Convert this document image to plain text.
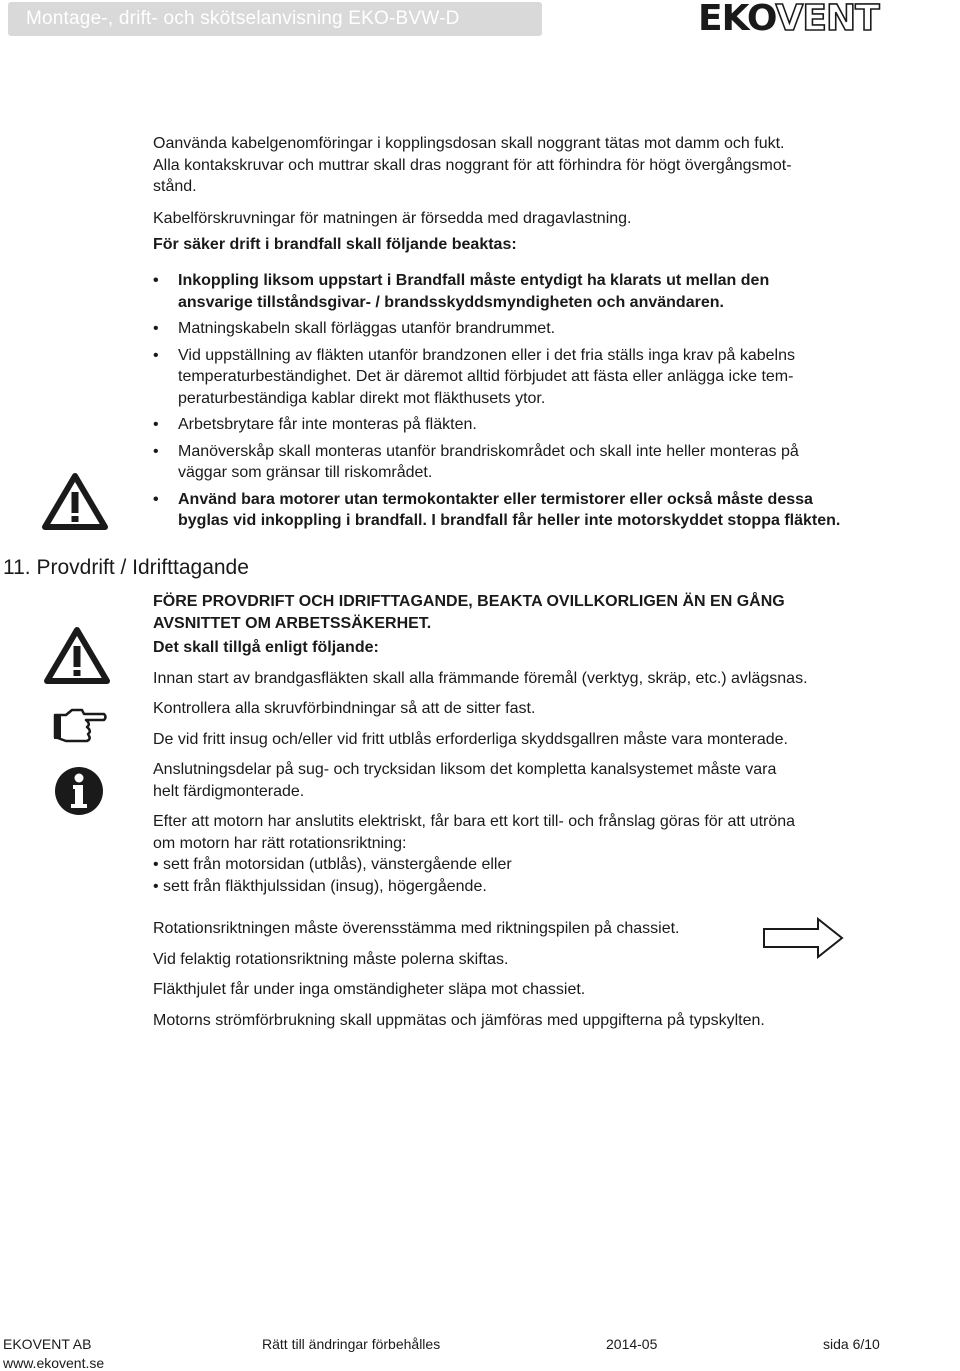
Montage-, drift- och skötselanvisning EKO-BVW-D	EKOVENT

Oanvända kabelgenomföringar i kopplingsdosan skall noggrant tätas mot damm och fukt.

Alla kontakskruvar och muttrar skall dras noggrant för att förhindra för högt övergångsmot-

stånd.

Kabelförskruvningar för matningen är försedda med dragavlastning.

För säker drift i brandfall skall följande beaktas:

• Inkoppling liksom uppstart i Brandfall måste entydigt ha klarats ut mellan den
ansvarige tillståndsgivar- / brandsskyddsmyndigheten och användaren.
• Matningskabeln skall förläggas utanför brandrummet.
• Vid uppställning av fläkten utanför brandzonen eller i det fria ställs inga krav på kabelns
temperaturbeständighet. Det är däremot alltid förbjudet att fästa eller anlägga icke tem-
peraturbeständiga kablar direkt mot fläkthusets ytor.
• Arbetsbrytare får inte monteras på fläkten.
• Manöverskåp skall monteras utanför brandriskområdet och skall inte heller monteras på
väggar som gränsar till riskområdet.
• Använd bara motorer utan termokontakter eller termistorer eller också måste dessa
byglas vid inkoppling i brandfall. I brandfall får heller inte motorskyddet stoppa fläkten.
11. Provdrift / Idrifttagande

FÖRE PROVDRIFT OCH IDRIFTTAGANDE, BEAKTA OVILLKORLIGEN ÄN EN GÅNG

AVSNITTET OM ARBETSSÄKERHET.

Det skall tillgå enligt följande:

Innan start av brandgasfläkten skall alla främmande föremål (verktyg, skräp, etc.) avlägsnas.

Kontrollera alla skruvförbindningar så att de sitter fast.

De vid fritt insug och/eller vid fritt utblås erforderliga skyddsgallren måste vara monterade.

Anslutningsdelar på sug- och trycksidan liksom det kompletta kanalsystemet måste vara

helt färdigmonterade.

Efter att motorn har anslutits elektriskt, får bara ett kort till- och frånslag göras för att utröna

om motorn har rätt rotationsriktning:

• sett från motorsidan (utblås), vänstergående eller

• sett från fläkthjulssidan (insug), högergående.

Rotationsriktningen måste överensstämma med riktningspilen på chassiet.

Vid felaktig rotationsriktning måste polerna skiftas.

Fläkthjulet får under inga omständigheter släpa mot chassiet.

Motorns strömförbrukning skall uppmätas och jämföras med uppgifterna på typskylten.

EKOVENT AB
www.ekovent.se
Rätt till ändringar förbehålles	2014-05	sida 6/10
